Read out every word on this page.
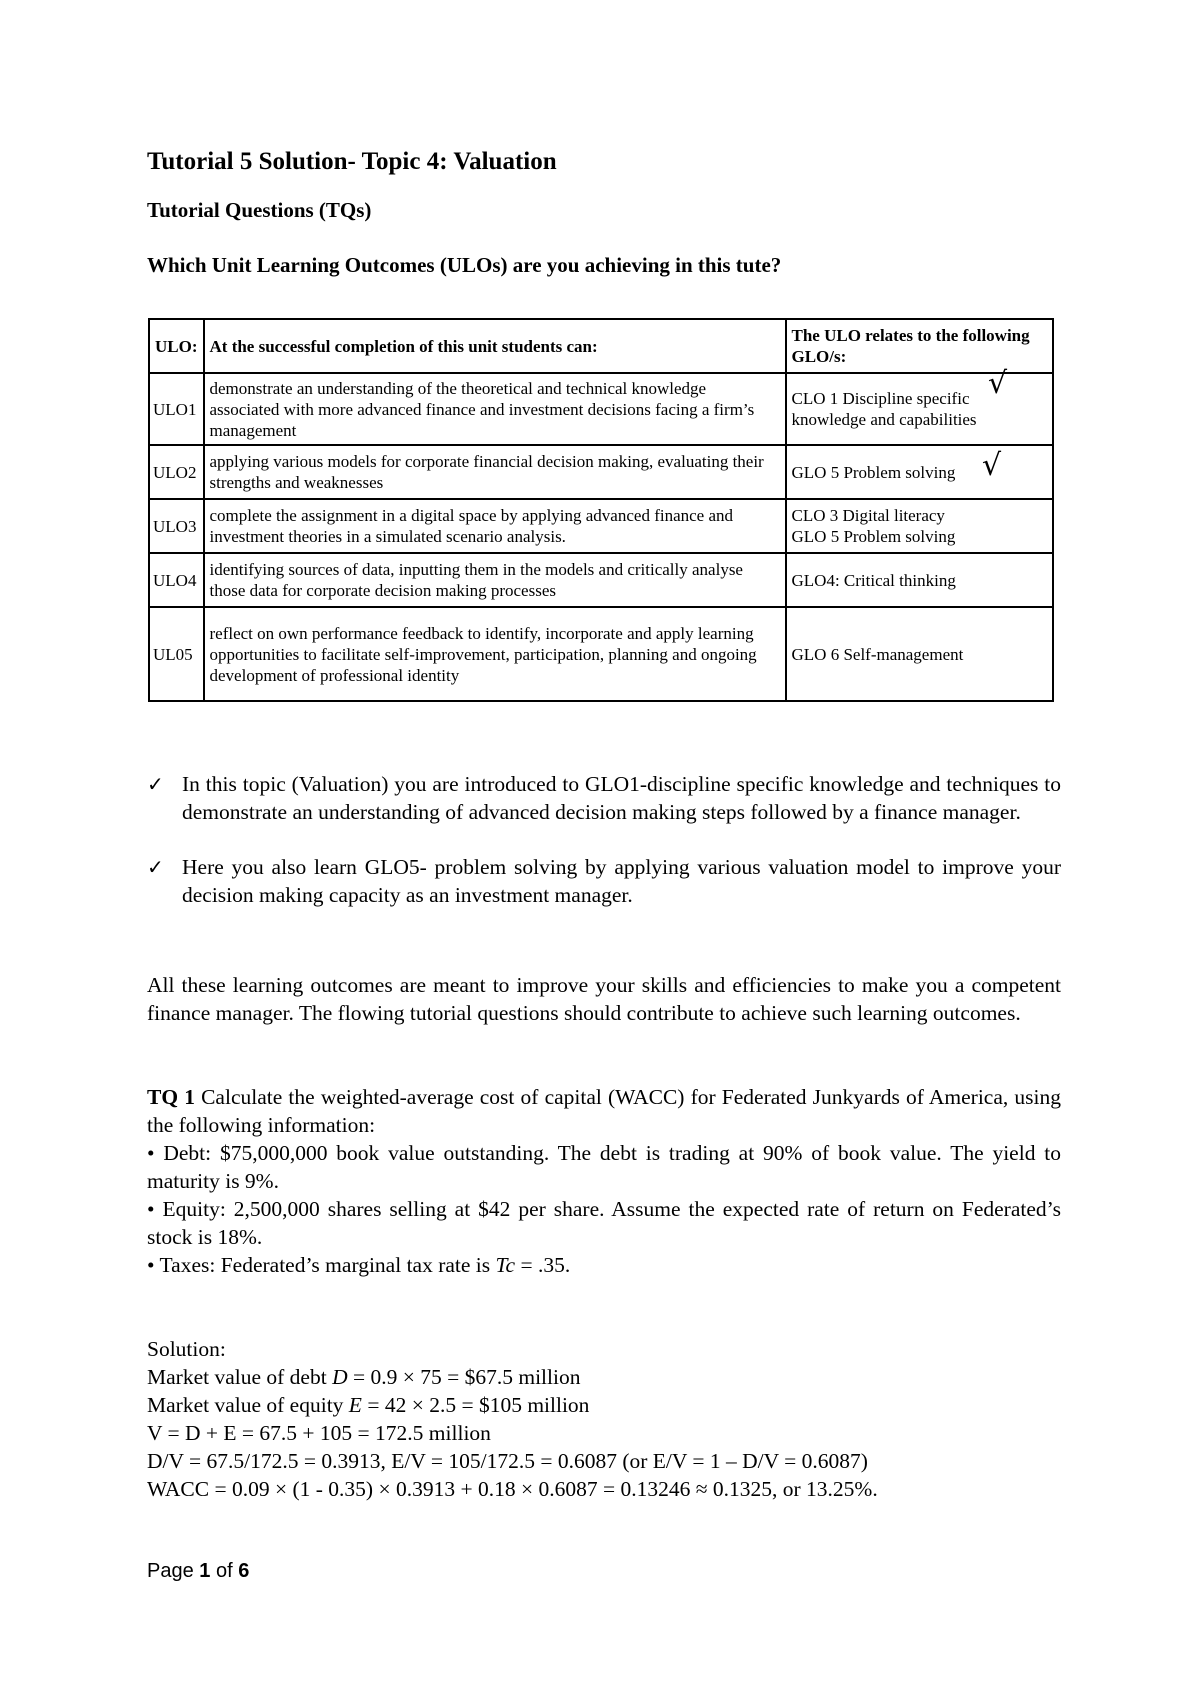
Tutorial 5 Solution- Topic 4: Valuation
Tutorial Questions (TQs)
Which Unit Learning Outcomes (ULOs) are you achieving in this tute?
ULO:	At the successful completion of this unit students can:	The ULO relates to the following GLO/s:
ULO1	demonstrate an understanding of the theoretical and technical knowledge associated with more advanced finance and investment decisions facing a firm’s management	CLO 1 Discipline specific knowledge and capabilities
ULO2	applying various models for corporate financial decision making, evaluating their strengths and weaknesses	GLO 5 Problem solving
ULO3	complete the assignment in a digital space by applying advanced finance and investment theories in a simulated scenario analysis.	CLO 3 Digital literacy
GLO 5 Problem solving

ULO4	identifying sources of data, inputting them in the models and critically analyse those data for corporate decision making processes	GLO4: Critical thinking
UL05	reflect on own performance feedback to identify, incorporate and apply learning opportunities to facilitate self-improvement, participation, planning and ongoing development of professional identity	GLO 6 Self-management
√
√
✓ In this topic (Valuation) you are introduced to GLO1-discipline specific knowledge and techniques to demonstrate an understanding of advanced decision making steps followed by a finance manager.
✓ Here you also learn GLO5- problem solving by applying various valuation model to improve your decision making capacity as an investment manager.
All these learning outcomes are meant to improve your skills and efficiencies to make you a competent finance manager. The flowing tutorial questions should contribute to achieve such learning outcomes.
TQ 1 Calculate the weighted-average cost of capital (WACC) for Federated Junkyards of America, using the following information:
• Debt: $75,000,000 book value outstanding. The debt is trading at 90% of book value. The yield to maturity is 9%.
• Equity: 2,500,000 shares selling at $42 per share. Assume the expected rate of return on Federated’s stock is 18%.
• Taxes: Federated’s marginal tax rate is Tc = .35.
Solution:
Market value of debt D = 0.9 × 75 = $67.5 million
Market value of equity E = 42 × 2.5 = $105 million
V = D + E = 67.5 + 105 = 172.5 million
D/V = 67.5/172.5 = 0.3913, E/V = 105/172.5 = 0.6087 (or E/V = 1 – D/V = 0.6087)
WACC = 0.09 × (1 - 0.35) × 0.3913 + 0.18 × 0.6087 = 0.13246 ≈ 0.1325, or 13.25%.
Page 1 of 6
